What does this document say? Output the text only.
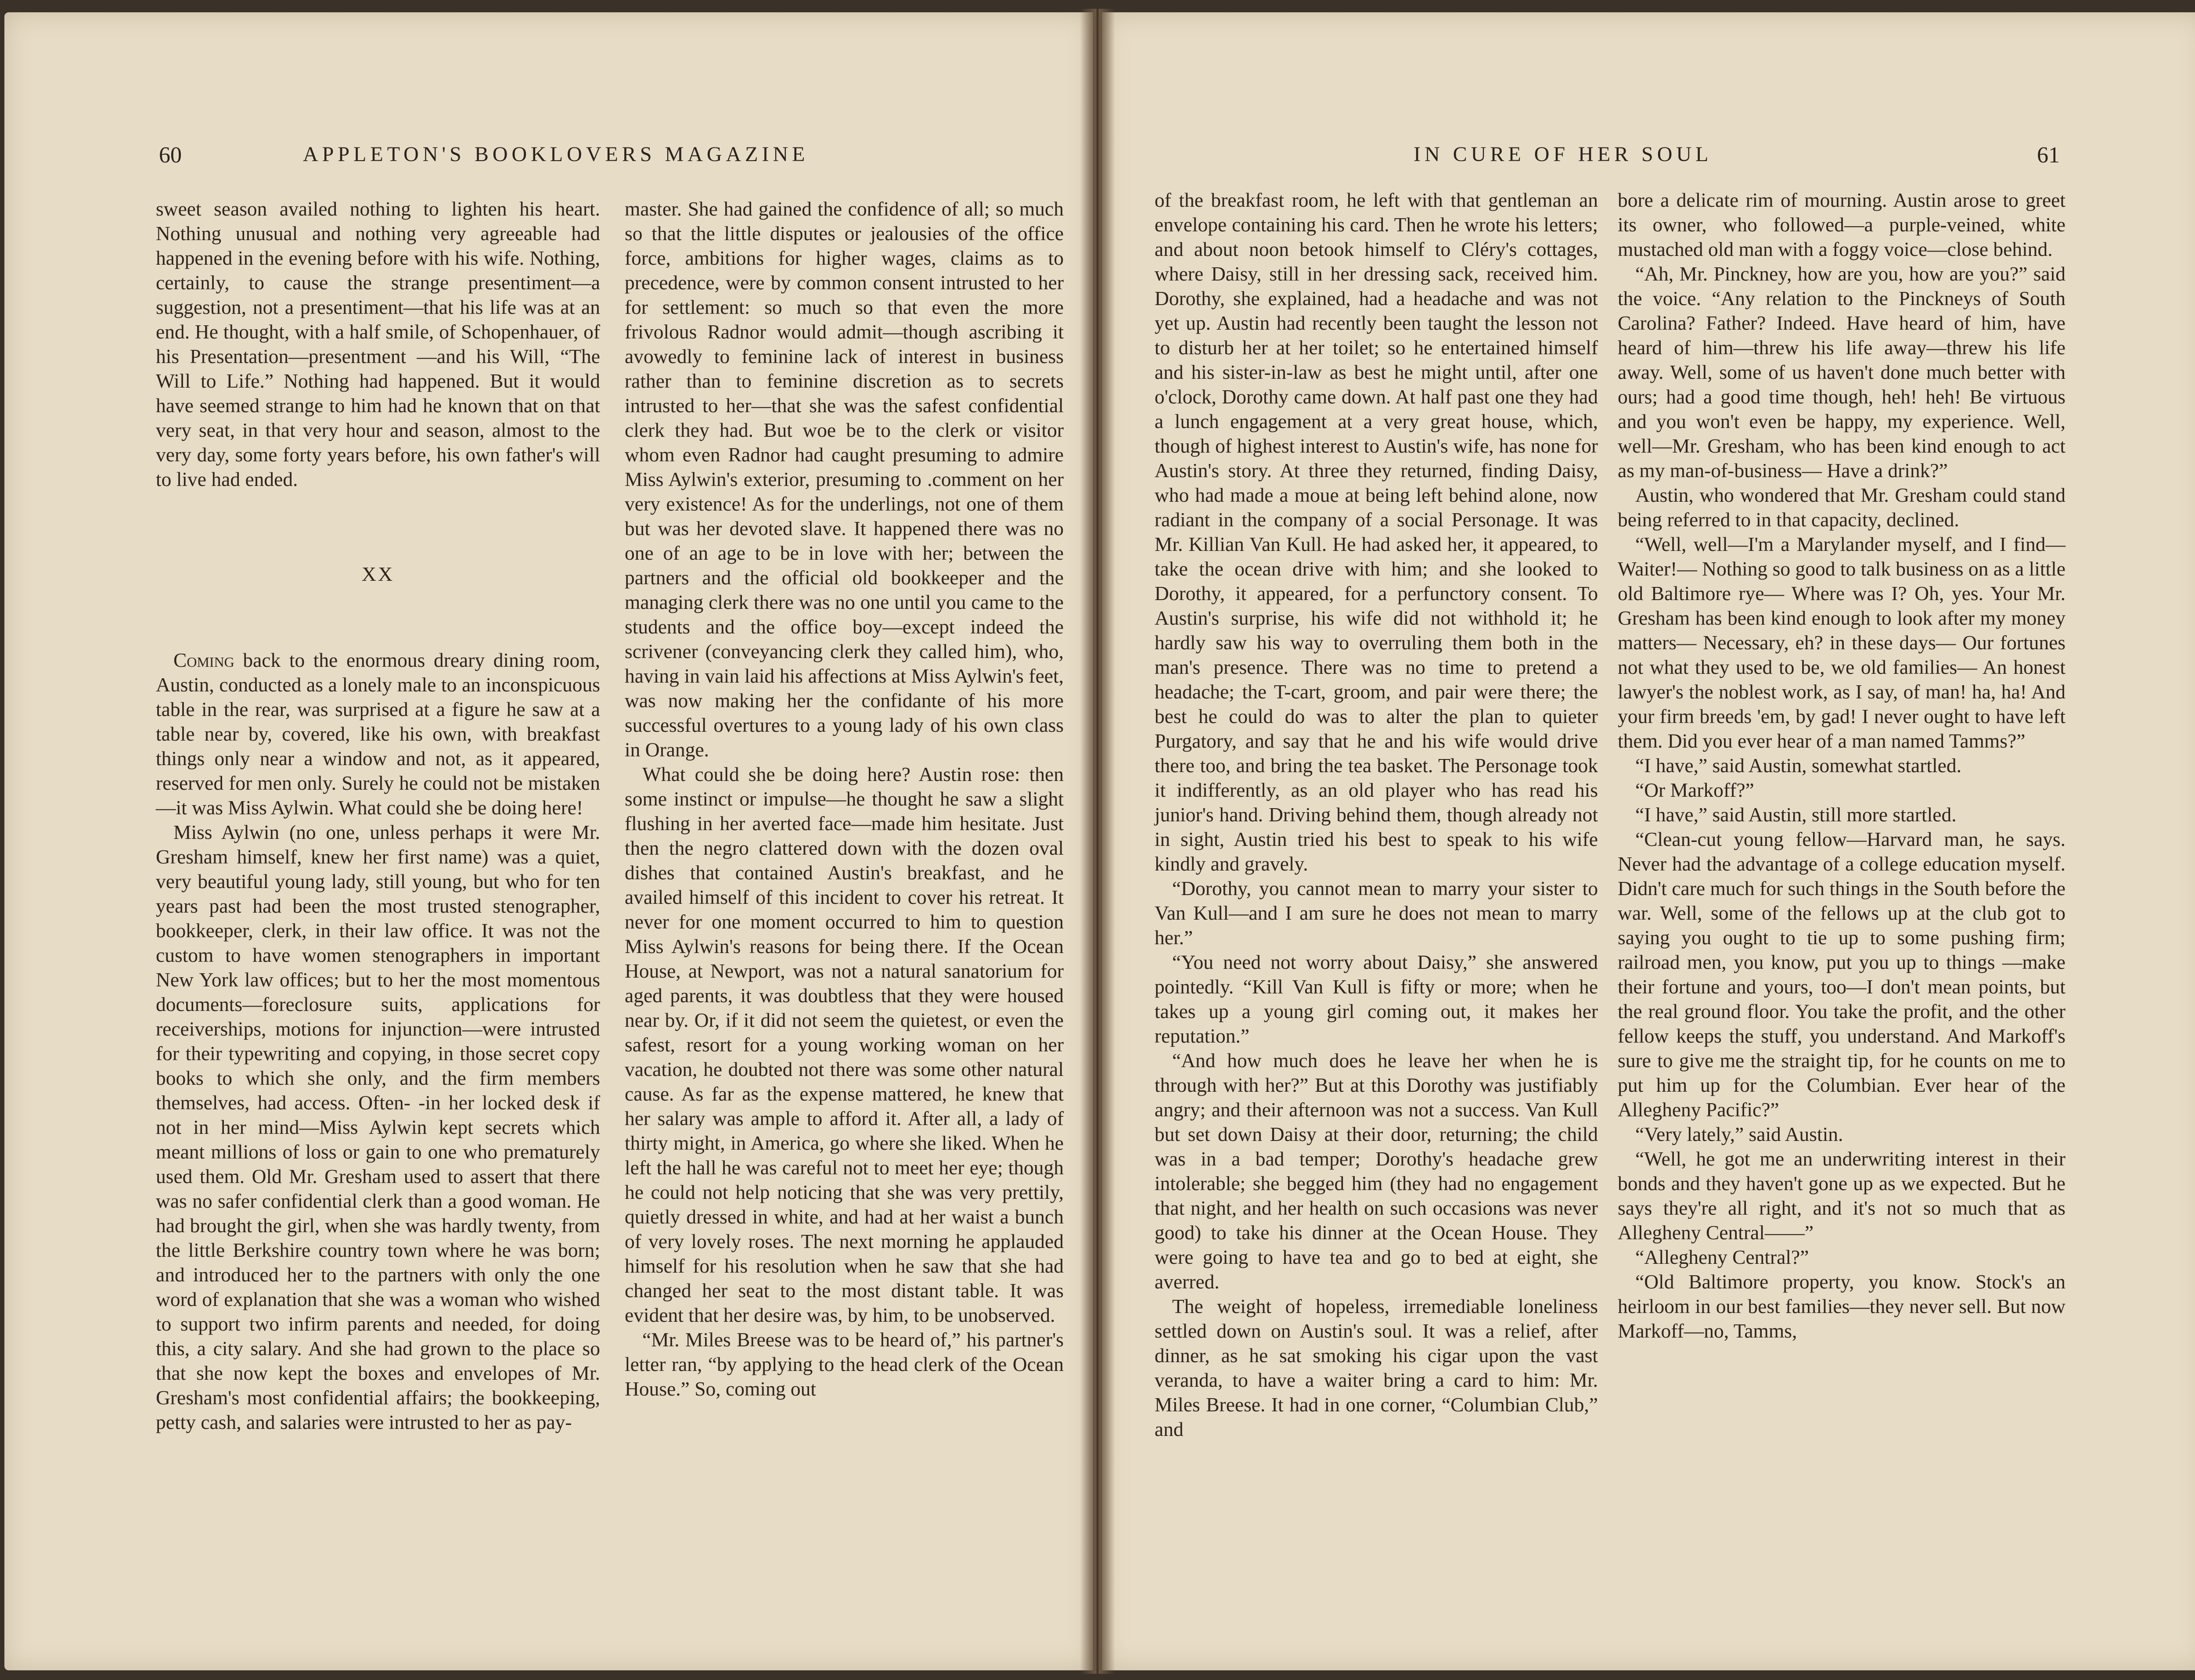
60	APPLETON'S BOOKLOVERS MAGAZINE

sweet season availed nothing to lighten his heart. Nothing unusual and nothing very agreeable had happened in the evening before with his wife. Nothing, certainly, to cause the strange presentiment—a suggestion, not a presentiment—that his life was at an end. He thought, with a half smile, of Schopenhauer, of his Presentation—presentment —and his Will, “The Will to Life.” Nothing had happened. But it would have seemed strange to him had he known that on that very seat, in that very hour and season, almost to the very day, some forty years before, his own father's will to live had ended.

XX

Coming back to the enormous dreary dining room, Austin, conducted as a lonely male to an inconspicuous table in the rear, was surprised at a figure he saw at a table near by, covered, like his own, with breakfast things only near a window and not, as it appeared, reserved for men only. Surely he could not be mistaken—it was Miss Aylwin. What could she be doing here!

Miss Aylwin (no one, unless perhaps it were Mr. Gresham himself, knew her first name) was a quiet, very beautiful young lady, still young, but who for ten years past had been the most trusted stenographer, bookkeeper, clerk, in their law office. It was not the custom to have women stenographers in important New York law offices; but to her the most momentous documents—foreclosure suits, applications for receiverships, motions for injunction—were intrusted for their typewriting and copying, in those secret copy books to which she only, and the firm members themselves, had access. Often- -in her locked desk if not in her mind—Miss Aylwin kept secrets which meant millions of loss or gain to one who prematurely used them. Old Mr. Gresham used to assert that there was no safer confidential clerk than a good woman. He had brought the girl, when she was hardly twenty, from the little Berkshire country town where he was born; and introduced her to the partners with only the one word of explanation that she was a woman who wished to support two infirm parents and needed, for doing this, a city salary. And she had grown to the place so that she now kept the boxes and envelopes of Mr. Gresham's most confidential affairs; the bookkeeping, petty cash, and salaries were intrusted to her as pay-

master. She had gained the confidence of all; so much so that the little disputes or jealousies of the office force, ambitions for higher wages, claims as to precedence, were by common consent intrusted to her for settlement: so much so that even the more frivolous Radnor would admit—though ascribing it avowedly to feminine lack of interest in business rather than to feminine discretion as to secrets intrusted to her—that she was the safest confidential clerk they had. But woe be to the clerk or visitor whom even Radnor had caught presuming to admire Miss Aylwin's exterior, presuming to .comment on her very existence! As for the underlings, not one of them but was her devoted slave. It happened there was no one of an age to be in love with her; between the partners and the official old bookkeeper and the managing clerk there was no one until you came to the students and the office boy—except indeed the scrivener (conveyancing clerk they called him), who, having in vain laid his affections at Miss Aylwin's feet, was now making her the confidante of his more successful overtures to a young lady of his own class in Orange.

What could she be doing here? Austin rose: then some instinct or impulse—he thought he saw a slight flushing in her averted face—made him hesitate. Just then the negro clattered down with the dozen oval dishes that contained Austin's breakfast, and he availed himself of this incident to cover his retreat. It never for one moment occurred to him to question Miss Aylwin's reasons for being there. If the Ocean House, at Newport, was not a natural sanatorium for aged parents, it was doubtless that they were housed near by. Or, if it did not seem the quietest, or even the safest, resort for a young working woman on her vacation, he doubted not there was some other natural cause. As far as the expense mattered, he knew that her salary was ample to afford it. After all, a lady of thirty might, in America, go where she liked. When he left the hall he was careful not to meet her eye; though he could not help noticing that she was very prettily, quietly dressed in white, and had at her waist a bunch of very lovely roses. The next morning he applauded himself for his resolution when he saw that she had changed her seat to the most distant table. It was evident that her desire was, by him, to be unobserved.

“Mr. Miles Breese was to be heard of,” his partner's letter ran, “by applying to the head clerk of the Ocean House.” So, coming out

IN CURE OF HER SOUL	61

of the breakfast room, he left with that gentleman an envelope containing his card. Then he wrote his letters; and about noon betook himself to Cléry's cottages, where Daisy, still in her dressing sack, received him. Dorothy, she explained, had a headache and was not yet up. Austin had recently been taught the lesson not to disturb her at her toilet; so he entertained himself and his sister-in-law as best he might until, after one o'clock, Dorothy came down. At half past one they had a lunch engagement at a very great house, which, though of highest interest to Austin's wife, has none for Austin's story. At three they returned, finding Daisy, who had made a moue at being left behind alone, now radiant in the company of a social Personage. It was Mr. Killian Van Kull. He had asked her, it appeared, to take the ocean drive with him; and she looked to Dorothy, it appeared, for a perfunctory consent. To Austin's surprise, his wife did not withhold it; he hardly saw his way to overruling them both in the man's presence. There was no time to pretend a headache; the T-cart, groom, and pair were there; the best he could do was to alter the plan to quieter Purgatory, and say that he and his wife would drive there too, and bring the tea basket. The Personage took it indifferently, as an old player who has read his junior's hand. Driving behind them, though already not in sight, Austin tried his best to speak to his wife kindly and gravely.

“Dorothy, you cannot mean to marry your sister to Van Kull—and I am sure he does not mean to marry her.”

“You need not worry about Daisy,” she answered pointedly. “Kill Van Kull is fifty or more; when he takes up a young girl coming out, it makes her reputation.”

“And how much does he leave her when he is through with her?” But at this Dorothy was justifiably angry; and their afternoon was not a success. Van Kull but set down Daisy at their door, returning; the child was in a bad temper; Dorothy's headache grew intolerable; she begged him (they had no engagement that night, and her health on such occasions was never good) to take his dinner at the Ocean House. They were going to have tea and go to bed at eight, she averred.

The weight of hopeless, irremediable loneliness settled down on Austin's soul. It was a relief, after dinner, as he sat smoking his cigar upon the vast veranda, to have a waiter bring a card to him: Mr. Miles Breese. It had in one corner, “Columbian Club,” and

bore a delicate rim of mourning. Austin arose to greet its owner, who followed—a purple-veined, white mustached old man with a foggy voice—close behind.

“Ah, Mr. Pinckney, how are you, how are you?” said the voice. “Any relation to the Pinckneys of South Carolina? Father? Indeed. Have heard of him, have heard of him—threw his life away—threw his life away. Well, some of us haven't done much better with ours; had a good time though, heh! heh! Be virtuous and you won't even be happy, my experience. Well, well—Mr. Gresham, who has been kind enough to act as my man-of-business— Have a drink?”

Austin, who wondered that Mr. Gresham could stand being referred to in that capacity, declined.

“Well, well—I'm a Marylander myself, and I find— Waiter!— Nothing so good to talk business on as a little old Baltimore rye— Where was I? Oh, yes. Your Mr. Gresham has been kind enough to look after my money matters— Necessary, eh? in these days— Our fortunes not what they used to be, we old families— An honest lawyer's the noblest work, as I say, of man! ha, ha! And your firm breeds 'em, by gad! I never ought to have left them. Did you ever hear of a man named Tamms?”

“I have,” said Austin, somewhat startled.

“Or Markoff?”

“I have,” said Austin, still more startled.

“Clean-cut young fellow—Harvard man, he says. Never had the advantage of a college education myself. Didn't care much for such things in the South before the war. Well, some of the fellows up at the club got to saying you ought to tie up to some pushing firm; railroad men, you know, put you up to things —make their fortune and yours, too—I don't mean points, but the real ground floor. You take the profit, and the other fellow keeps the stuff, you understand. And Markoff's sure to give me the straight tip, for he counts on me to put him up for the Columbian. Ever hear of the Allegheny Pacific?”

“Very lately,” said Austin.

“Well, he got me an underwriting interest in their bonds and they haven't gone up as we expected. But he says they're all right, and it's not so much that as Allegheny Central——”

“Allegheny Central?”

“Old Baltimore property, you know. Stock's an heirloom in our best families—they never sell. But now Markoff—no, Tamms,
